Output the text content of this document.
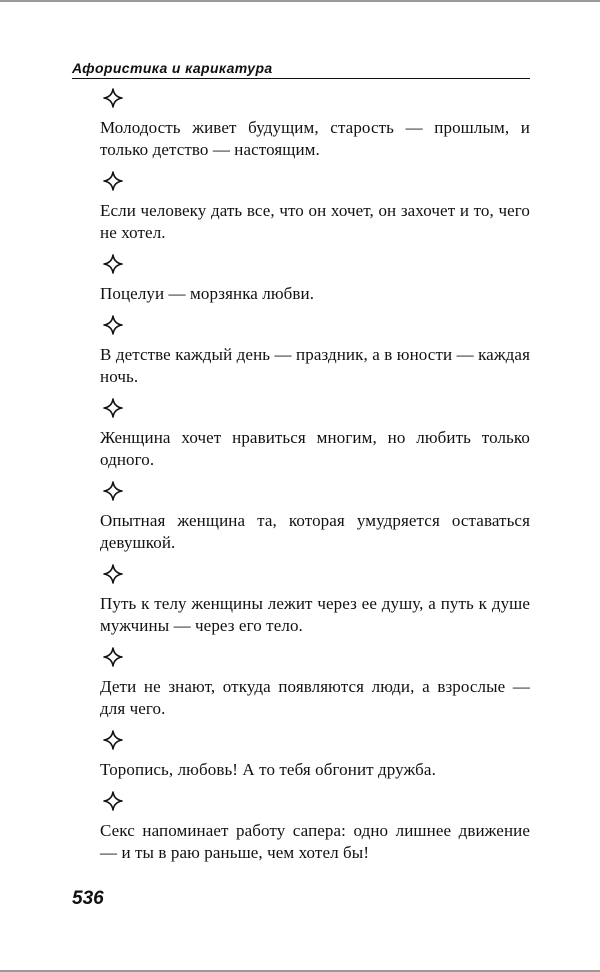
Афористика и карикатура
Молодость живет будущим, старость — прошлым, и только детство — настоящим.
Если человеку дать все, что он хочет, он захочет и то, чего не хотел.
Поцелуи — морзянка любви.
В детстве каждый день — праздник, а в юности — каждая ночь.
Женщина хочет нравиться многим, но любить только одного.
Опытная женщина та, которая умудряется оставаться девушкой.
Путь к телу женщины лежит через ее душу, а путь к душе мужчины — через его тело.
Дети не знают, откуда появляются люди, а взрослые — для чего.
Торопись, любовь! А то тебя обгонит дружба.
Секс напоминает работу сапера: одно лишнее движение — и ты в раю раньше, чем хотел бы!
536
